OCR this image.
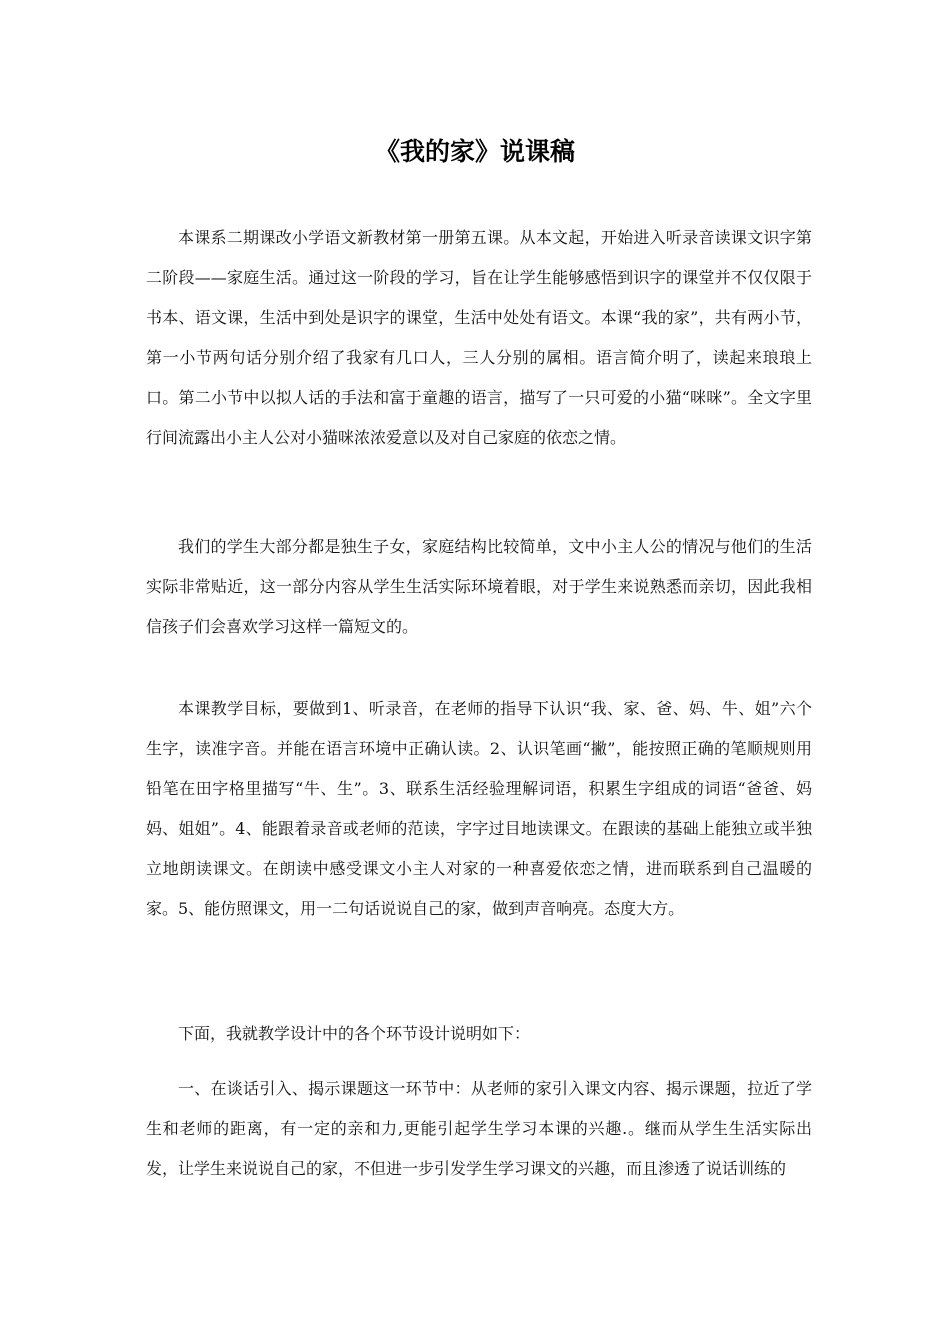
《我的家》说课稿

本课系二期课改小学语文新教材第一册第五课。从本文起，开始进入听录音读课文识字第二阶段——家庭生活。通过这一阶段的学习，旨在让学生能够感悟到识字的课堂并不仅仅限于书本、语文课，生活中到处是识字的课堂，生活中处处有语文。本课“我的家”，共有两小节，第一小节两句话分别介绍了我家有几口人，三人分别的属相。语言简介明了，读起来琅琅上口。第二小节中以拟人话的手法和富于童趣的语言，描写了一只可爱的小猫“咪咪”。全文字里行间流露出小主人公对小猫咪浓浓爱意以及对自己家庭的依恋之情。

我们的学生大部分都是独生子女，家庭结构比较简单，文中小主人公的情况与他们的生活实际非常贴近，这一部分内容从学生生活实际环境着眼，对于学生来说熟悉而亲切，因此我相信孩子们会喜欢学习这样一篇短文的。

本课教学目标，要做到1、听录音，在老师的指导下认识“我、家、爸、妈、牛、姐”六个生字，读准字音。并能在语言环境中正确认读。2、认识笔画“撇”，能按照正确的笔顺规则用铅笔在田字格里描写“牛、生”。3、联系生活经验理解词语，积累生字组成的词语“爸爸、妈妈、姐姐”。4、能跟着录音或老师的范读，字字过目地读课文。在跟读的基础上能独立或半独立地朗读课文。在朗读中感受课文小主人对家的一种喜爱依恋之情，进而联系到自己温暖的家。5、能仿照课文，用一二句话说说自己的家，做到声音响亮。态度大方。

下面，我就教学设计中的各个环节设计说明如下：

一、在谈话引入、揭示课题这一环节中：从老师的家引入课文内容、揭示课题，拉近了学生和老师的距离，有一定的亲和力,更能引起学生学习本课的兴趣.。继而从学生生活实际出发，让学生来说说自己的家，不但进一步引发学生学习课文的兴趣，而且渗透了说话训练的
